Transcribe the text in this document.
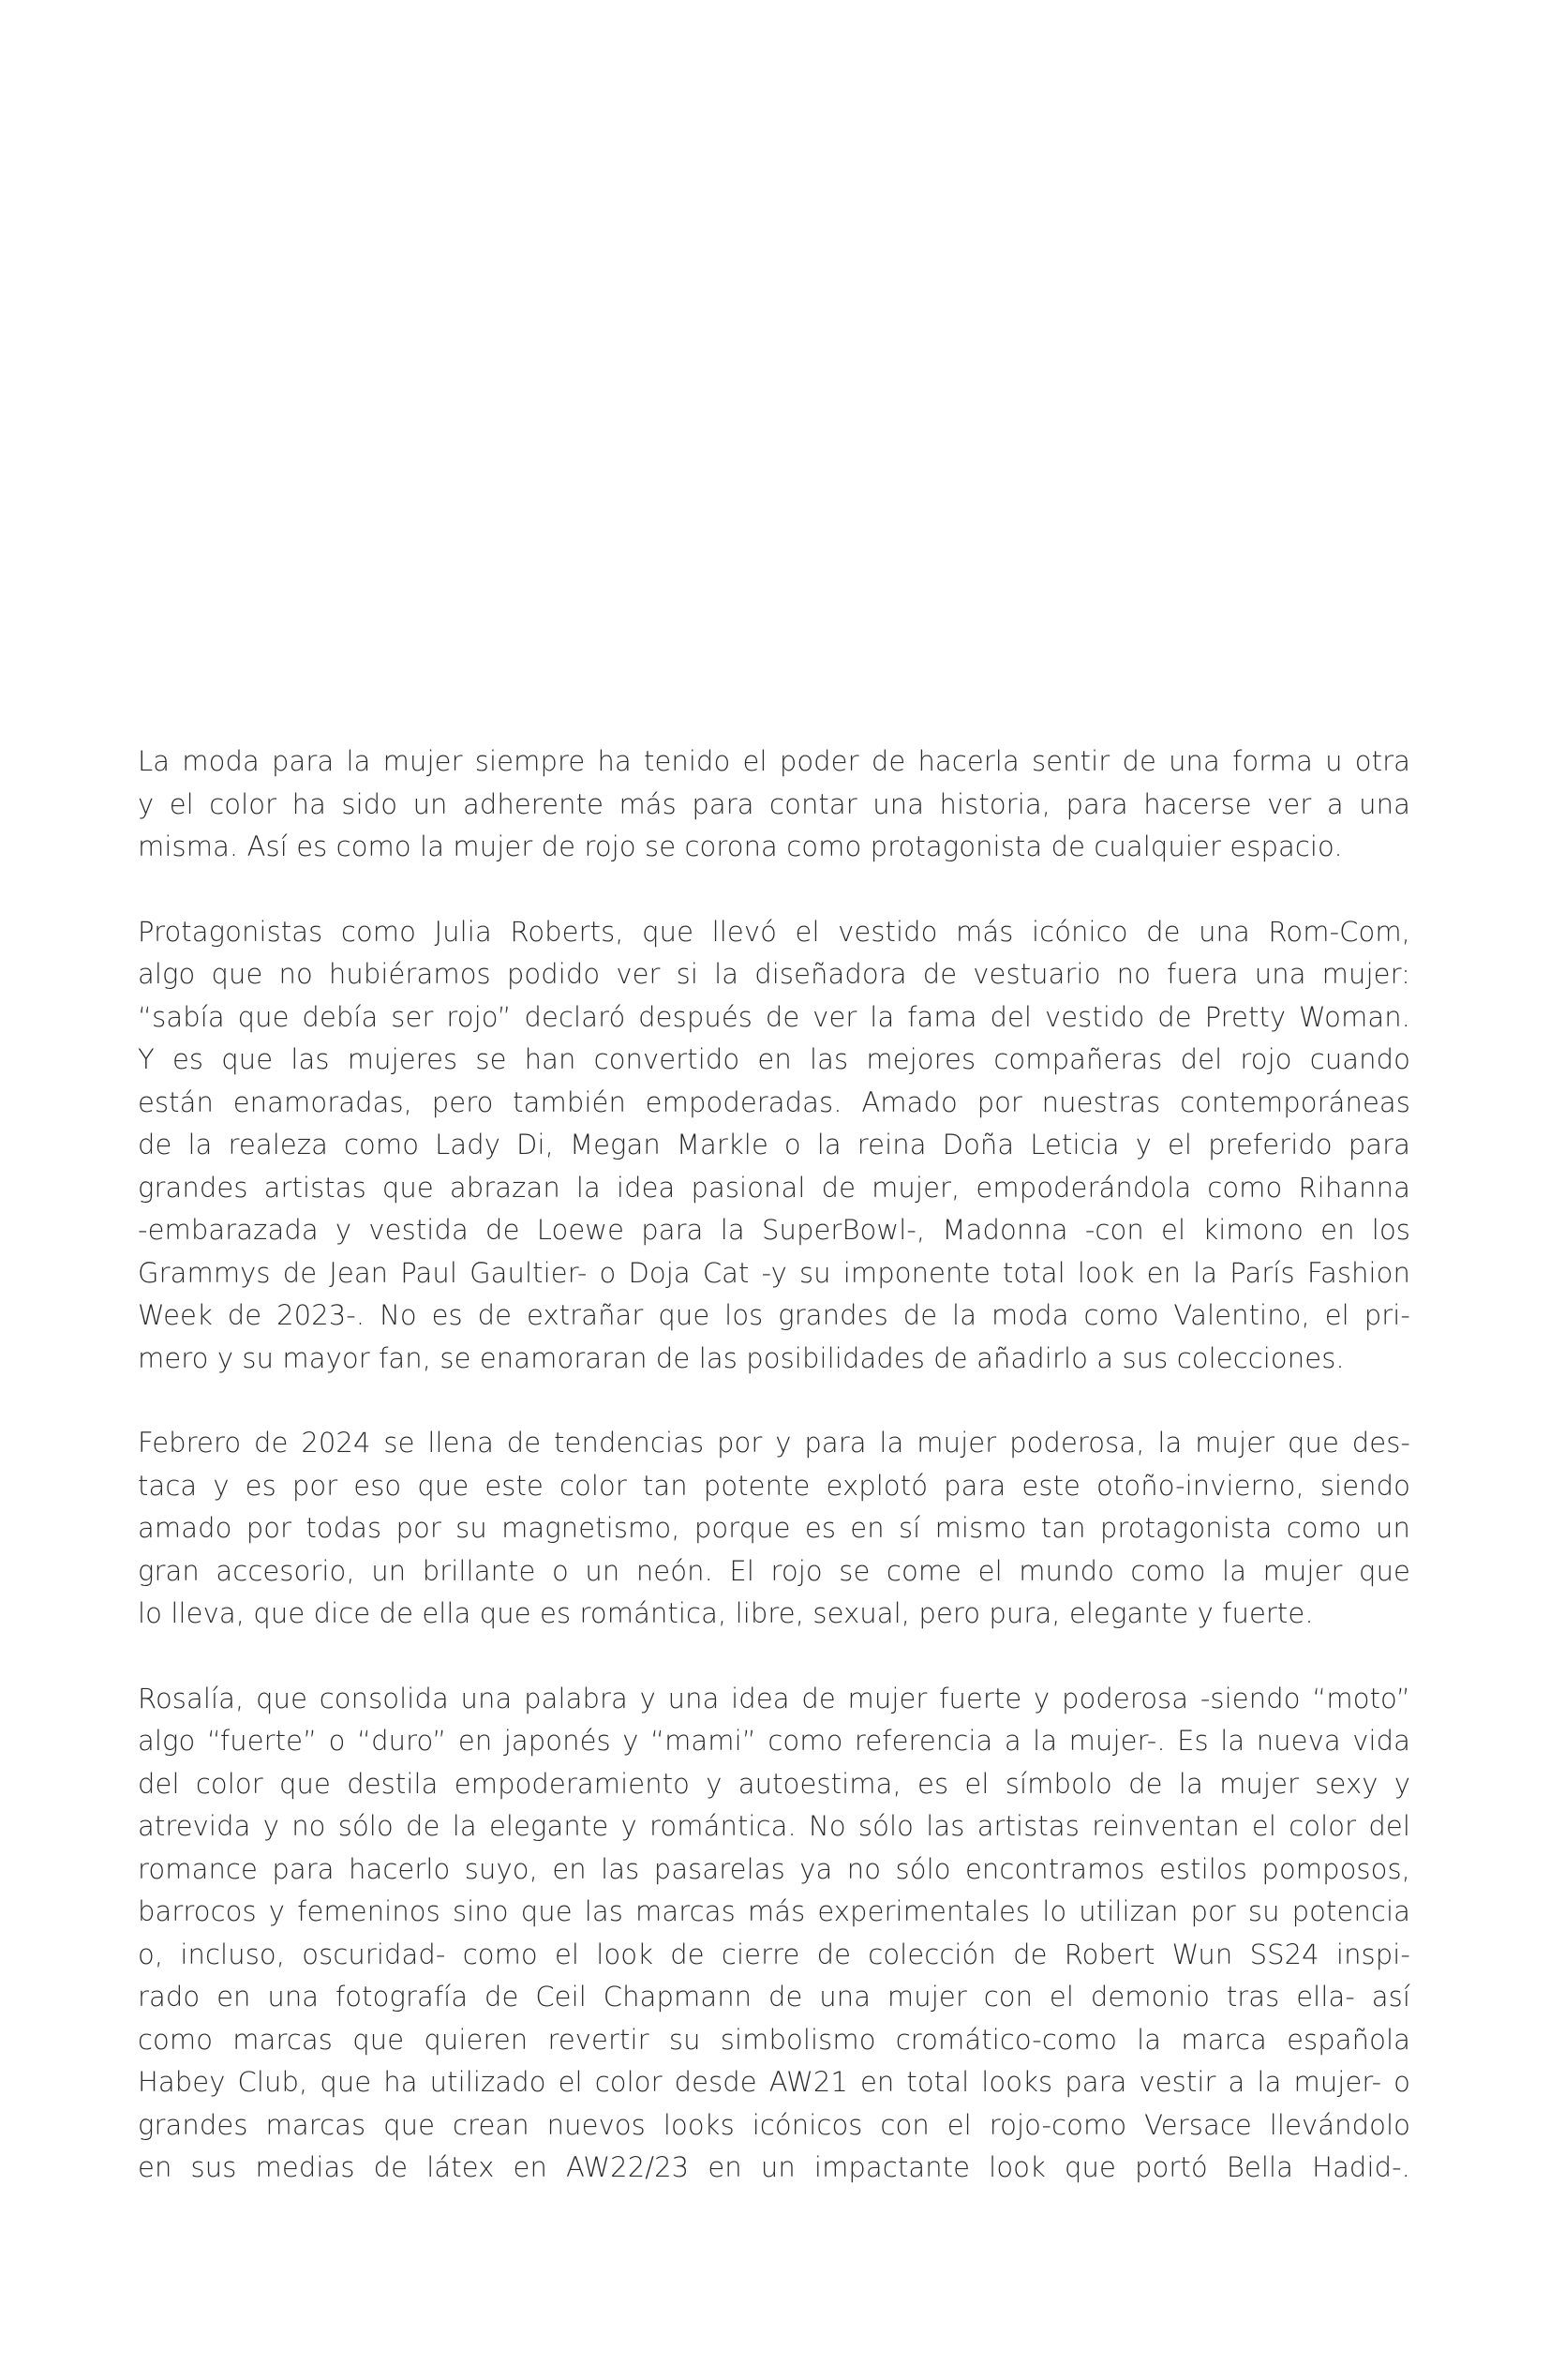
La moda para la mujer siempre ha tenido el poder de hacerla sentir de una forma u otra
y el color ha sido un adherente más para contar una historia, para hacerse ver a una
misma. Así es como la mujer de rojo se corona como protagonista de cualquier espacio.
Protagonistas como Julia Roberts, que llevó el vestido más icónico de una Rom-Com,
algo que no hubiéramos podido ver si la diseñadora de vestuario no fuera una mujer:
“sabía que debía ser rojo” declaró después de ver la fama del vestido de Pretty Woman.
Y es que las mujeres se han convertido en las mejores compañeras del rojo cuando
están enamoradas, pero también empoderadas. Amado por nuestras contemporáneas
de la realeza como Lady Di, Megan Markle o la reina Doña Leticia y el preferido para
grandes artistas que abrazan la idea pasional de mujer, empoderándola como Rihanna
-embarazada y vestida de Loewe para la SuperBowl-, Madonna -con el kimono en los
Grammys de Jean Paul Gaultier- o Doja Cat -y su imponente total look en la París Fashion
Week de 2023-. No es de extrañar que los grandes de la moda como Valentino, el pri-
mero y su mayor fan, se enamoraran de las posibilidades de añadirlo a sus colecciones.
Febrero de 2024 se llena de tendencias por y para la mujer poderosa, la mujer que des-
taca y es por eso que este color tan potente explotó para este otoño-invierno, siendo
amado por todas por su magnetismo, porque es en sí mismo tan protagonista como un
gran accesorio, un brillante o un neón. El rojo se come el mundo como la mujer que
lo lleva, que dice de ella que es romántica, libre, sexual, pero pura, elegante y fuerte.
Rosalía, que consolida una palabra y una idea de mujer fuerte y poderosa -siendo “moto”
algo “fuerte” o “duro” en japonés y “mami” como referencia a la mujer-. Es la nueva vida
del color que destila empoderamiento y autoestima, es el símbolo de la mujer sexy y
atrevida y no sólo de la elegante y romántica. No sólo las artistas reinventan el color del
romance para hacerlo suyo, en las pasarelas ya no sólo encontramos estilos pomposos,
barrocos y femeninos sino que las marcas más experimentales lo utilizan por su potencia
o, incluso, oscuridad- como el look de cierre de colección de Robert Wun SS24 inspi-
rado en una fotografía de Ceil Chapmann de una mujer con el demonio tras ella- así
como marcas que quieren revertir su simbolismo cromático-como la marca española
Habey Club, que ha utilizado el color desde AW21 en total looks para vestir a la mujer- o
grandes marcas que crean nuevos looks icónicos con el rojo-como Versace llevándolo
en sus medias de látex en AW22/23 en un impactante look que portó Bella Hadid-.
